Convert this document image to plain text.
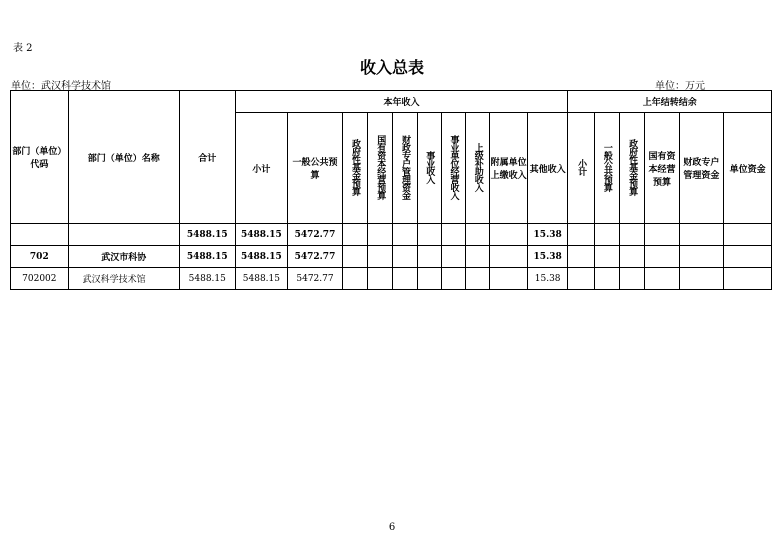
表 2
收入总表
单位：武汉科学技术馆	单位：万元
部门（单位）代码	部门（单位）名称	合计	本年收入										上年结转结余					
			小计	一般公共预算	政府性基金预算	国有资本经营预算	财政专户管理资金	事业收入	事业单位经营收入	上级补助收入	附属单位上缴收入	其他收入	小计	一般公共预算	政府性基金预算	国有资本经营预算	财政专户管理资金	单位资金
		5488.15	5488.15	5472.77								15.38						
702	武汉市科协	5488.15	5488.15	5472.77								15.38						
702002	武汉科学技术馆	5488.15	5488.15	5472.77								15.38						
6
